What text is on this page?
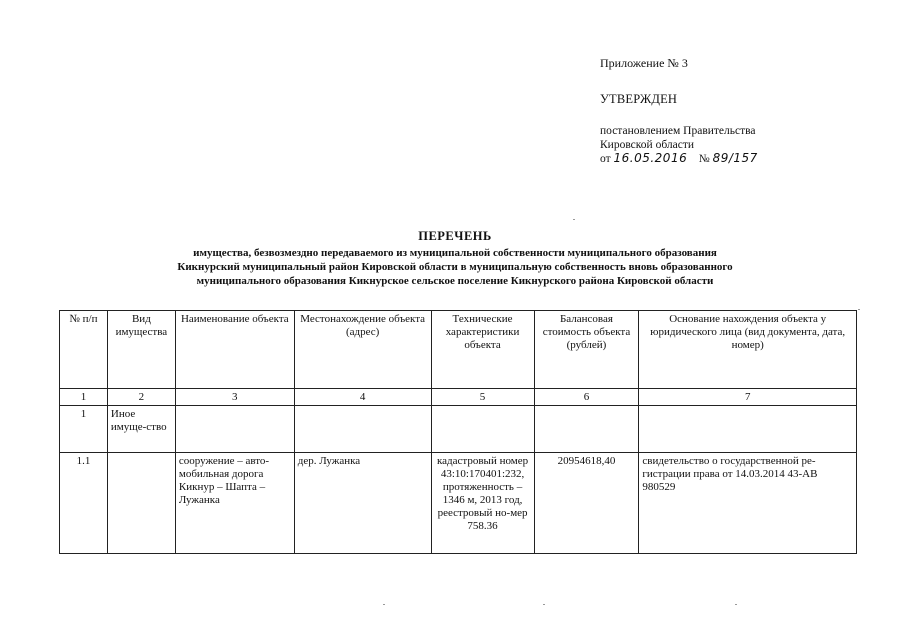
Приложение № 3
УТВЕРЖДЕН
постановлением Правительства
Кировской области
от 16.05.2016 № 89/157
ПЕРЕЧЕНЬ
имущества, безвозмездно передаваемого из муниципальной собственности муниципального образования
Кикнурский муниципальный район Кировской области в муниципальную собственность вновь образованного
муниципального образования Кикнурское сельское поселение Кикнурского района Кировской области
№ п/п	Вид имущества	Наименование объекта	Местонахождение объекта (адрес)	Технические характеристики объекта	Балансовая стоимость объекта (рублей)	Основание нахождения объекта у юридического лица (вид документа, дата, номер)
1	2	3	4	5	6	7
1	Иное имуще-ство					
1.1		сооружение – авто-мобильная дорога Кикнур – Шапта – Лужанка	дер. Лужанка	кадастровый номер 43:10:170401:232, протяженность – 1346 м, 2013 год, реестровый но-мер 758.36	20954618,40	свидетельство о государственной ре-гистрации права от 14.03.2014 43-АВ 980529
